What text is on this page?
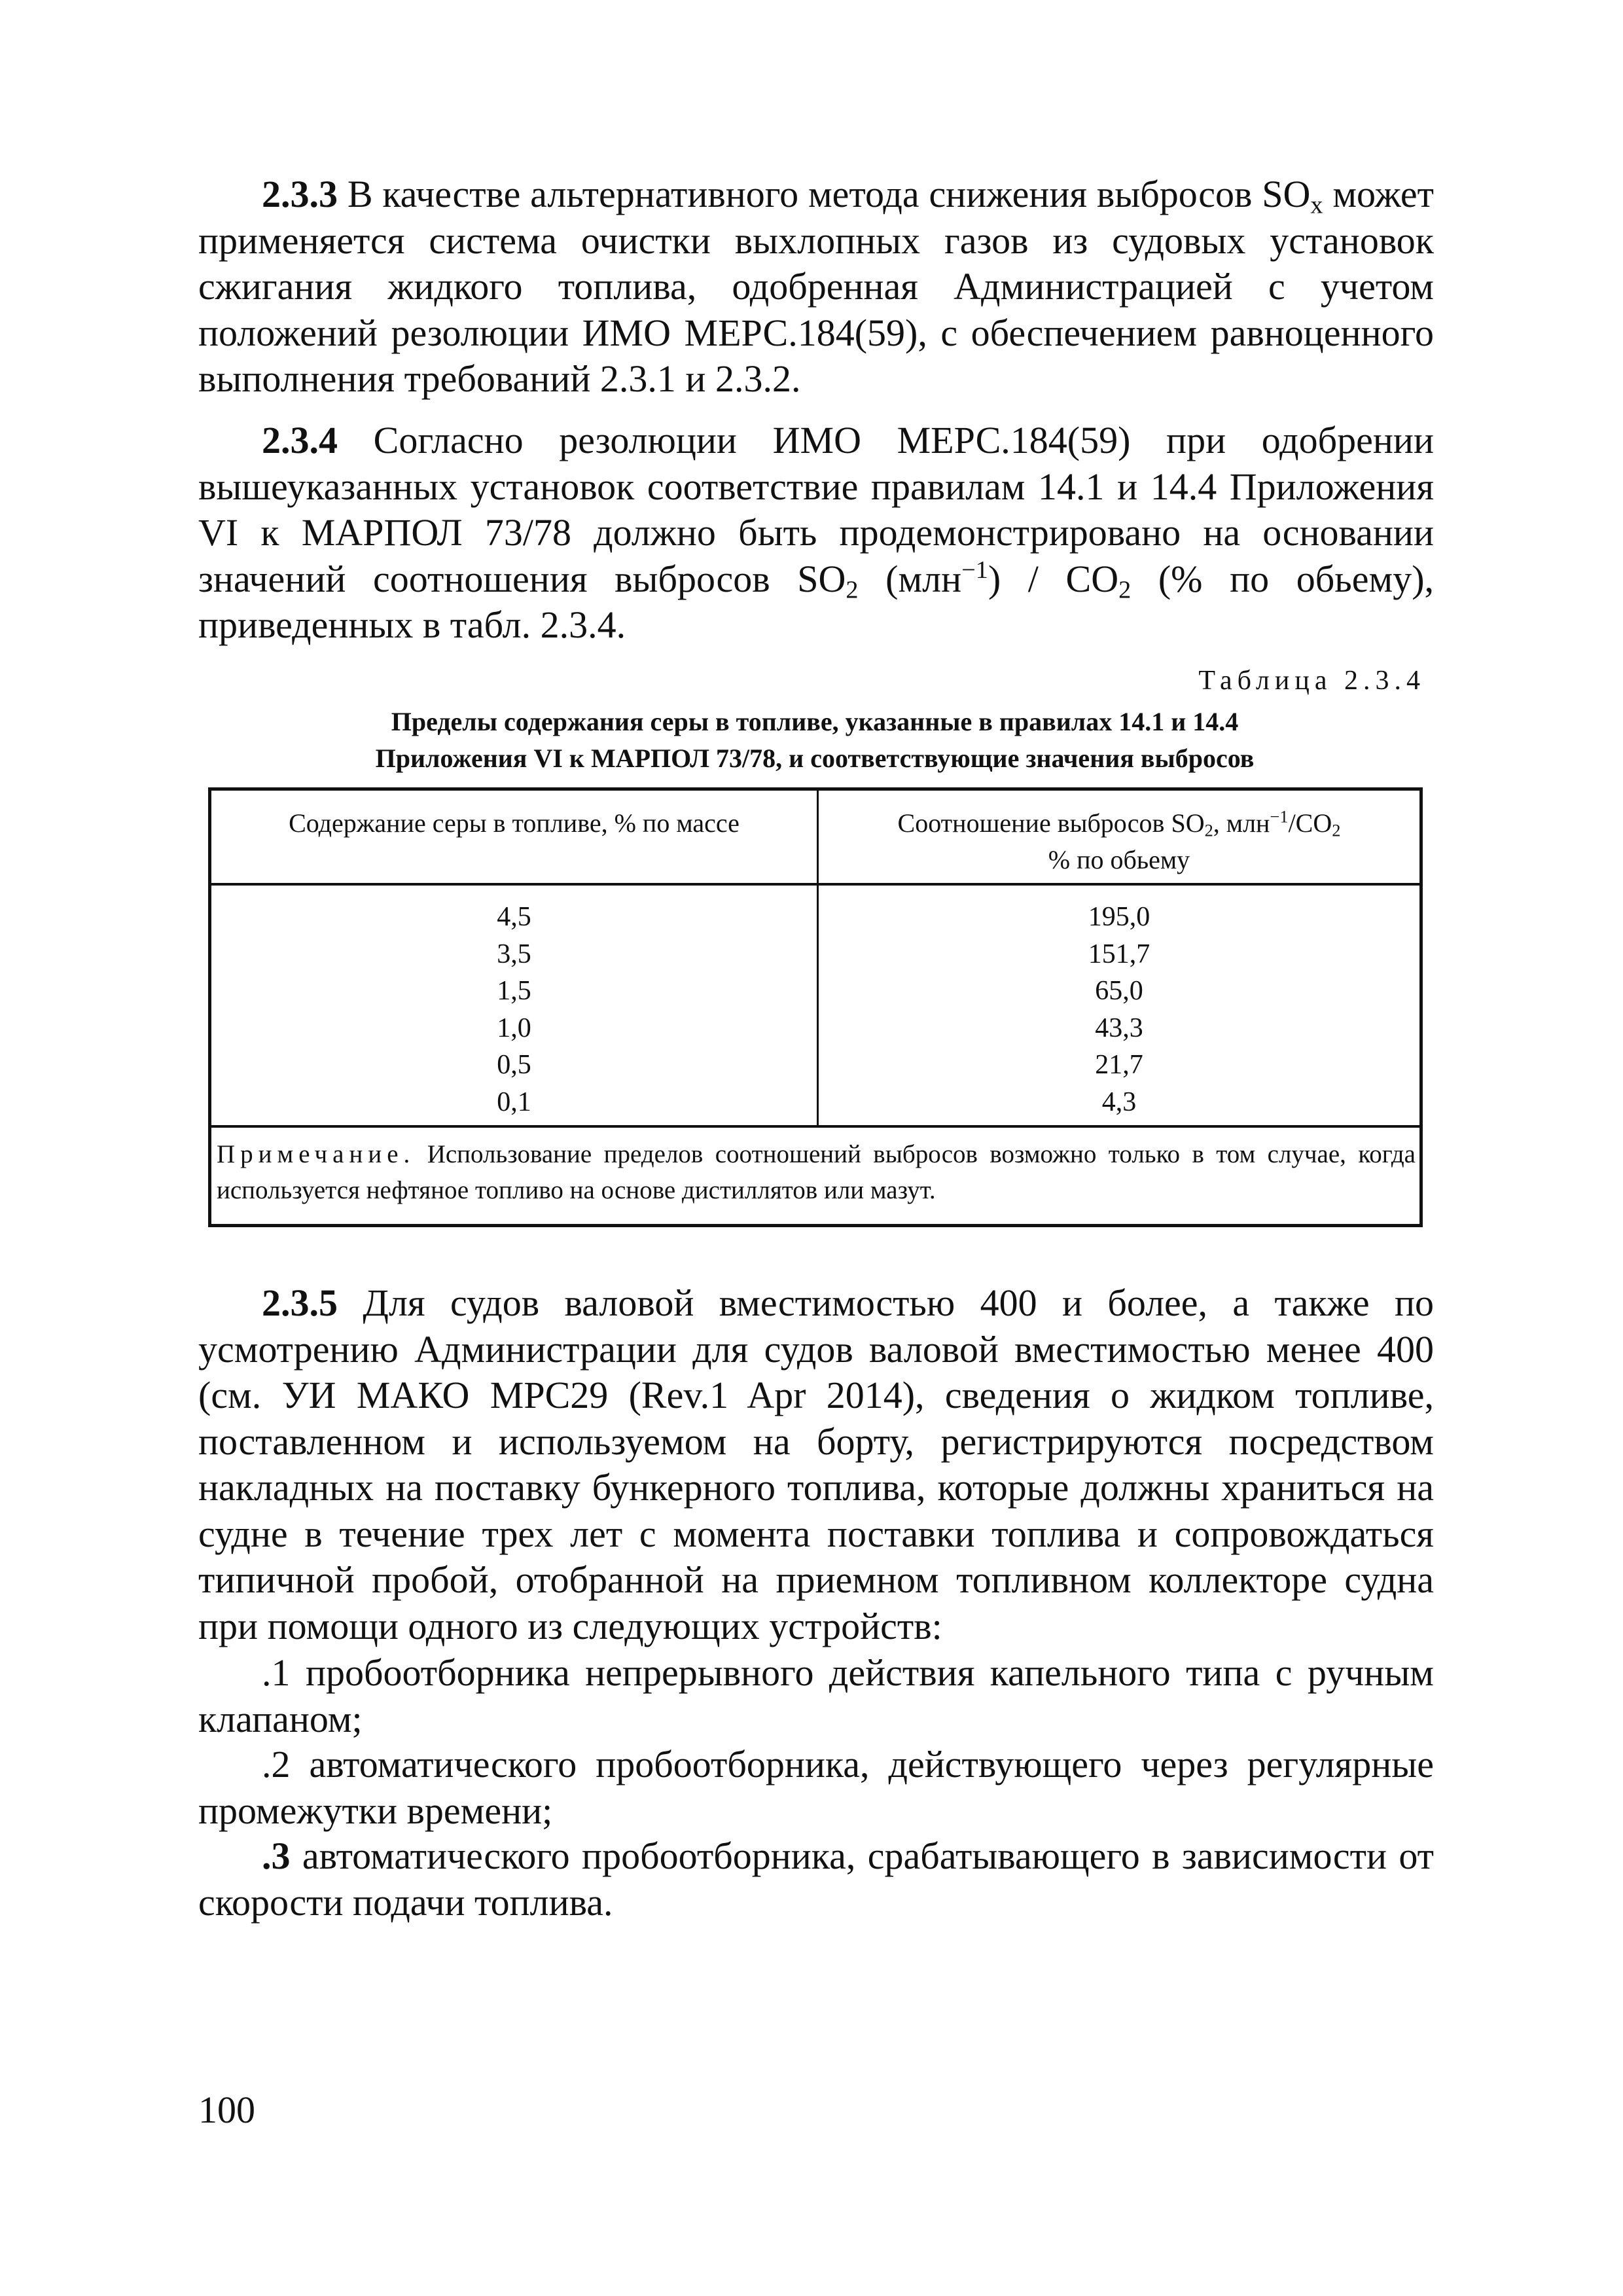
2.3.3 В качестве альтернативного метода снижения выбросов $SO_x$ может применяется система очистки выхлопных газов из судовых установок сжигания жидкого топлива, одобренная Администрацией с учетом положений резолюции ИМО МЕРС.184(59), с обеспечением равноценного выполнения требований 2.3.1 и 2.3.2.

2.3.4 Согласно резолюции ИМО МЕРС.184(59) при одобрении вышеуказанных установок соответствие правилам 14.1 и 14.4 Приложения VI к МАРПОЛ 73/78 должно быть продемонстрировано на основании значений соотношения выбросов $SO_2$ $(млн^{-1}) / CO_2$ (% по обьему), приведенных в табл. 2.3.4.

Таблица 2.3.4
Пределы содержания серы в топливе, указанные в правилах 14.1 и 14.4
Приложения VI к МАРПОЛ 73/78, и соответствующие значения выбросов
Содержание серы в топливе, % по массе	Соотношение выбросов $SO_2$, $млн^{-1}/CO_2$
% по обьему
4,5
3,5
1,5
1,0
0,5
0,1
195,0
151,7
65,0
43,3
21,7
4,3
Примечание. Использование пределов соотношений выбросов возможно только в том случае, когда используется нефтяное топливо на основе дистиллятов или мазут.

2.3.5 Для судов валовой вместимостью 400 и более, а также по усмотрению Администрации для судов валовой вместимостью менее 400 (см. УИ МАКО MPC29 (Rev.1 Apr 2014), сведения о жидком топливе, поставленном и используемом на борту, регистрируются посредством накладных на поставку бункерного топлива, которые должны храниться на судне в течение трех лет с момента поставки топлива и сопровождаться типичной пробой, отобранной на приемном топливном коллекторе судна при помощи одного из следующих устройств:

.1 пробоотборника непрерывного действия капельного типа с ручным клапаном;

.2 автоматического пробоотборника, действующего через регулярные промежутки времени;

.3 автоматического пробоотборника, срабатывающего в зависимости от скорости подачи топлива.

100
